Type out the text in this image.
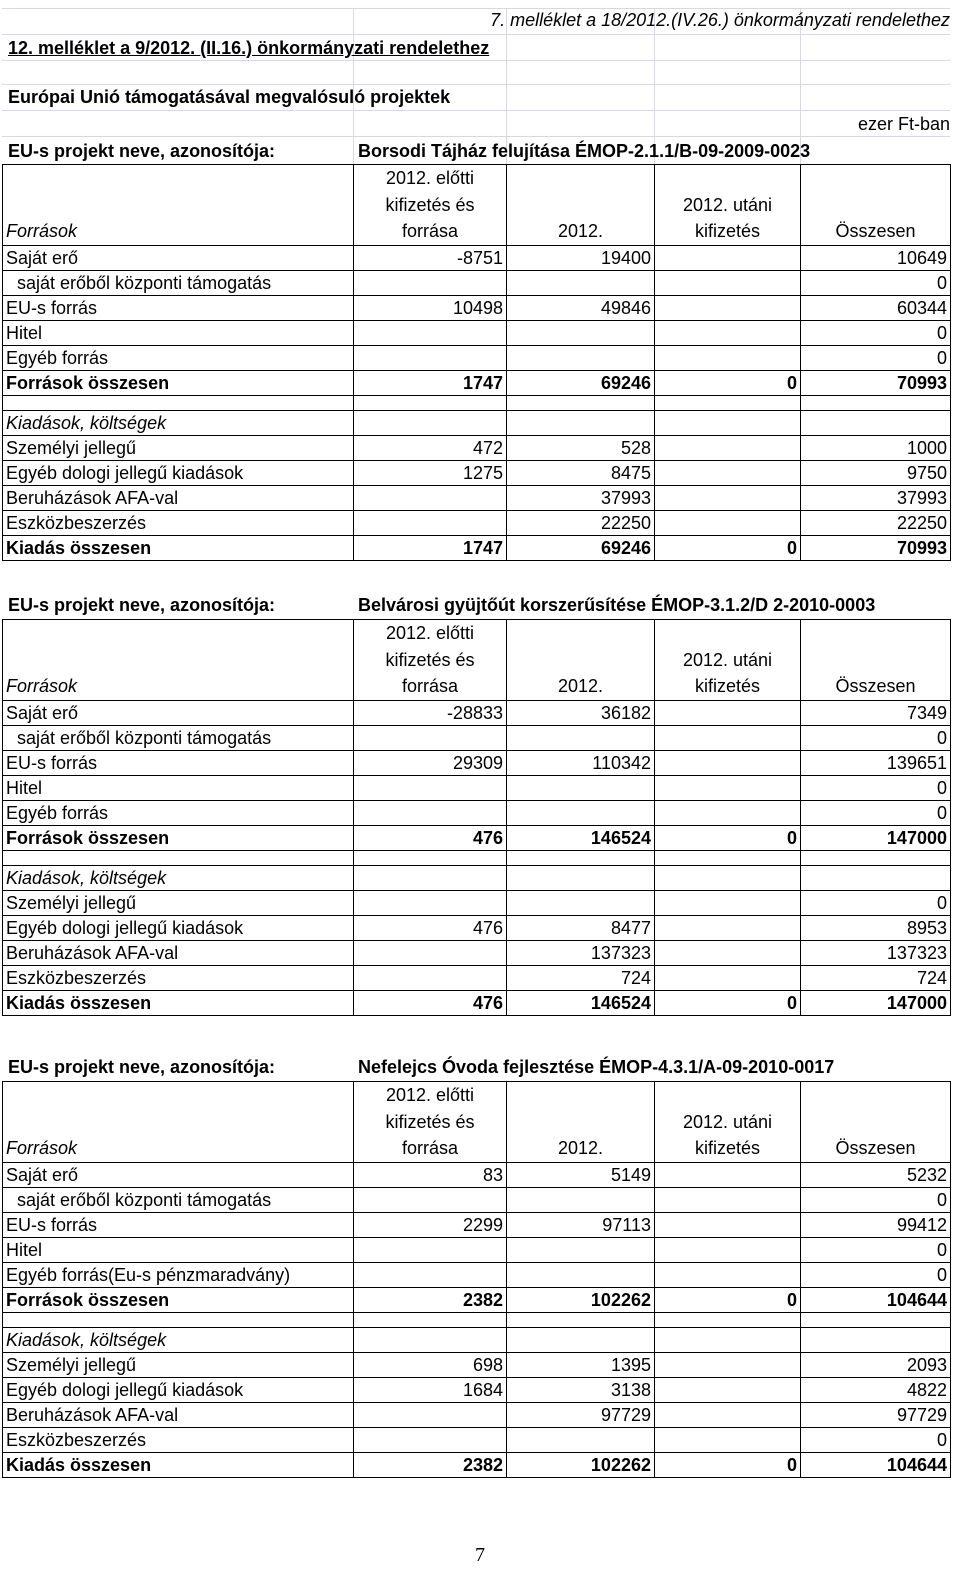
7. melléklet a 18/2012.(IV.26.) önkormányzati rendelethez
12. melléklet a 9/2012. (II.16.) önkormányzati rendelethez
Európai Unió támogatásával megvalósuló projektek
ezer Ft-ban
EU-s projekt neve, azonosítója:	Borsodi Tájház felujítása ÉMOP-2.1.1/B-09-2009-0023
Források	2012. előtti kifizetés és forrása	2012.	2012. utáni kifizetés	Összesen
Saját erő	-8751	19400		10649
saját erőből központi támogatás				0
EU-s forrás	10498	49846		60344
Hitel				0
Egyéb forrás				0
Források összesen	1747	69246	0	70993

Kiadások, költségek				
Személyi jellegű	472	528		1000
Egyéb dologi jellegű kiadások	1275	8475		9750
Beruházások AFA-val		37993		37993
Eszközbeszerzés		22250		22250
Kiadás összesen	1747	69246	0	70993
EU-s projekt neve, azonosítója:	Belvárosi gyüjtőút korszerűsítése ÉMOP-3.1.2/D 2-2010-0003
Források	2012. előtti kifizetés és forrása	2012.	2012. utáni kifizetés	Összesen
Saját erő	-28833	36182		7349
saját erőből központi támogatás				0
EU-s forrás	29309	110342		139651
Hitel				0
Egyéb forrás				0
Források összesen	476	146524	0	147000

Kiadások, költségek				
Személyi jellegű				0
Egyéb dologi jellegű kiadások	476	8477		8953
Beruházások AFA-val		137323		137323
Eszközbeszerzés		724		724
Kiadás összesen	476	146524	0	147000
EU-s projekt neve, azonosítója:	Nefelejcs Óvoda fejlesztése ÉMOP-4.3.1/A-09-2010-0017
Források	2012. előtti kifizetés és forrása	2012.	2012. utáni kifizetés	Összesen
Saját erő	83	5149		5232
saját erőből központi támogatás				0
EU-s forrás	2299	97113		99412
Hitel				0
Egyéb forrás(Eu-s pénzmaradvány)				0
Források összesen	2382	102262	0	104644

Kiadások, költségek				
Személyi jellegű	698	1395		2093
Egyéb dologi jellegű kiadások	1684	3138		4822
Beruházások AFA-val		97729		97729
Eszközbeszerzés				0
Kiadás összesen	2382	102262	0	104644
7
